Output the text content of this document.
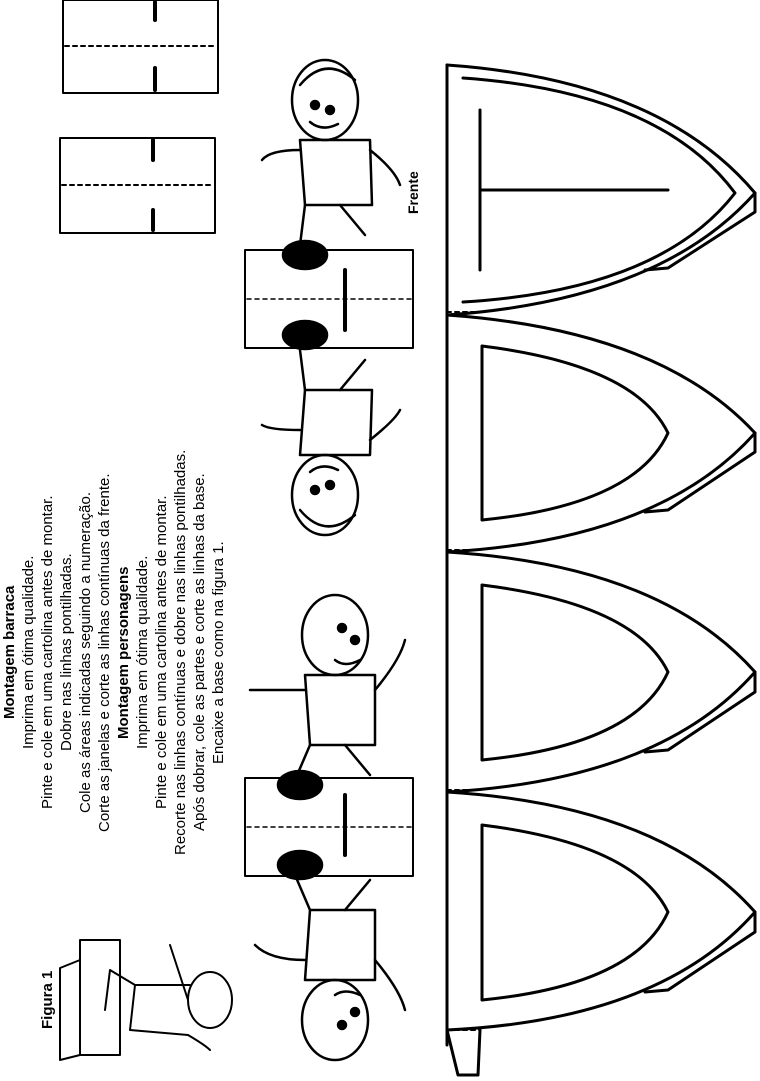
Frente
Figura 1
Montagem barraca Imprima em ótima qualidade. Pinte e cole em uma cartolina antes de montar. Dobre nas linhas pontilhadas. Cole as áreas indicadas seguindo a numeração. Corte as janelas e corte as linhas contínuas da frente. Montagem personagens Imprima em ótima qualidade. Pinte e cole em uma cartolina antes de montar. Recorte nas linhas contínuas e dobre nas linhas pontilhadas. Após dobrar, cole as partes e corte as linhas da base. Encaixe a base como na figura 1.
